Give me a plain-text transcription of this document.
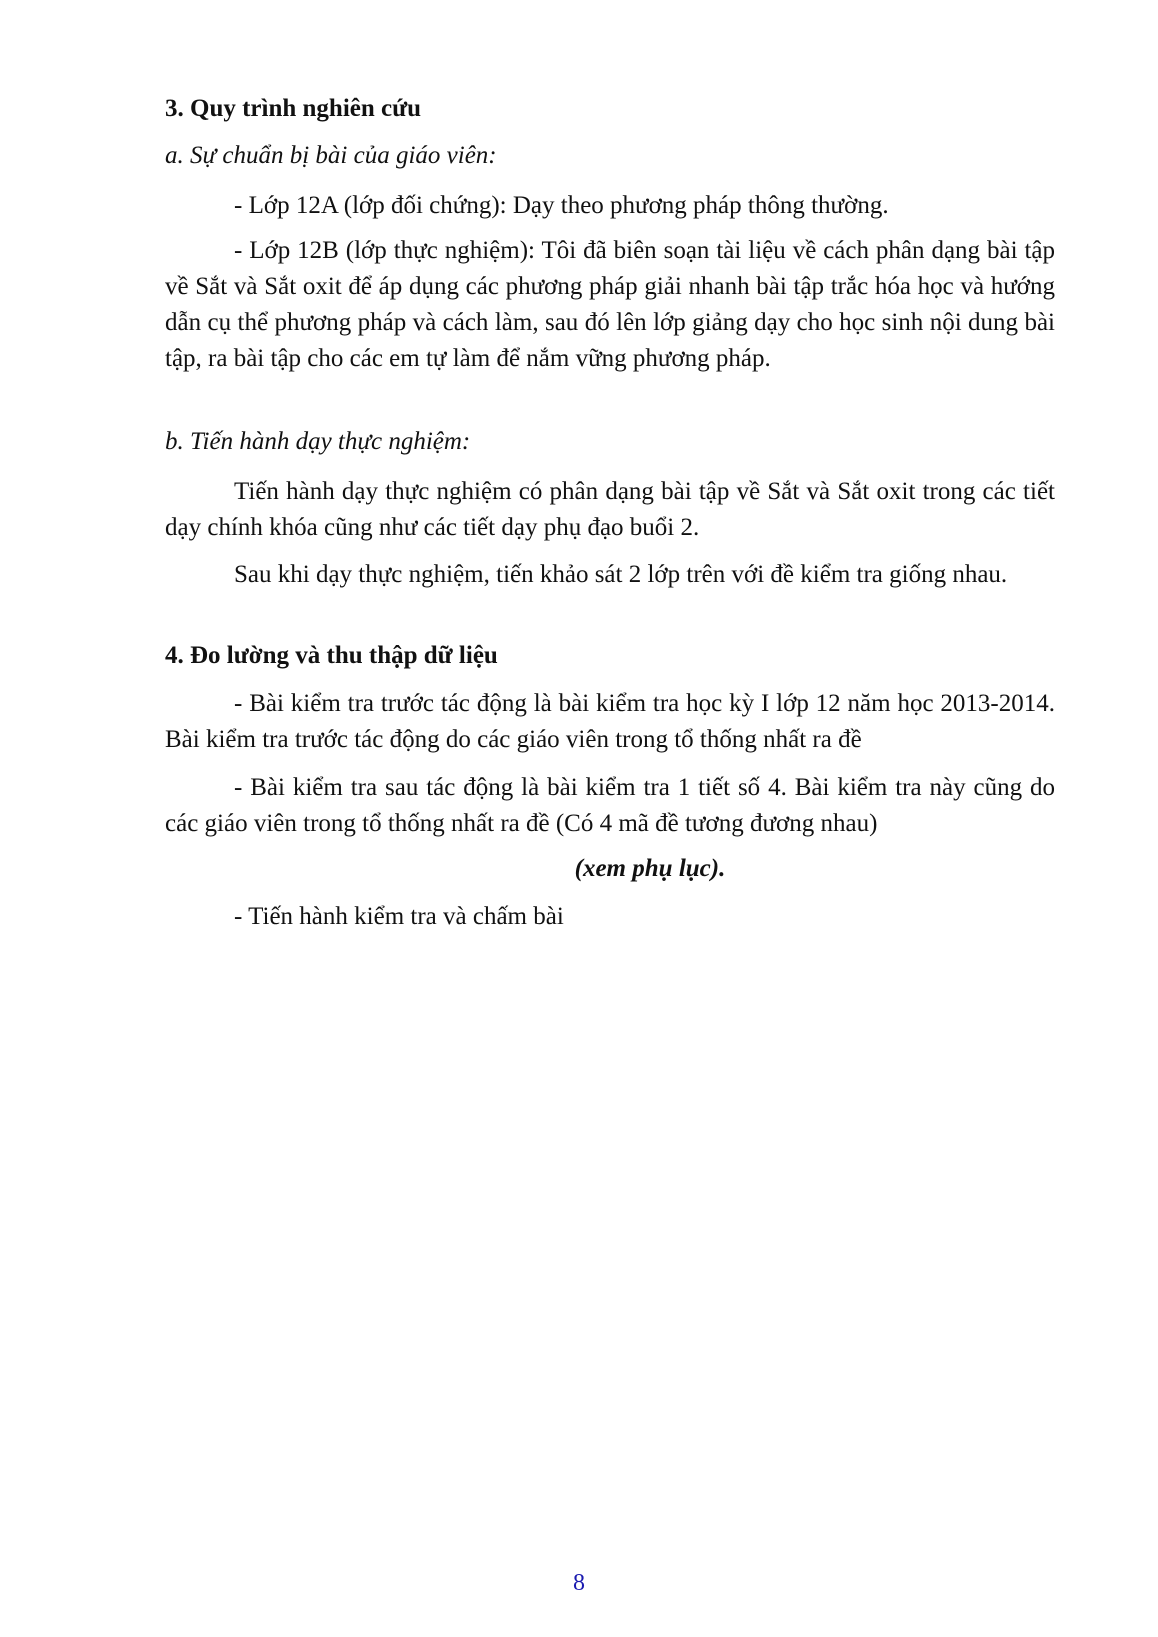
3. Quy trình nghiên cứu

a. Sự chuẩn bị bài của giáo viên:

- Lớp 12A (lớp đối chứng): Dạy theo phương pháp thông thường.

- Lớp 12B (lớp thực nghiệm): Tôi đã biên soạn tài liệu về cách phân dạng bài tập về Sắt và Sắt oxit để áp dụng các phương pháp giải nhanh bài tập trắc hóa học và hướng dẫn cụ thể phương pháp và cách làm, sau đó lên lớp giảng dạy cho học sinh nội dung bài tập, ra bài tập cho các em tự làm để nắm vững phương pháp.

b. Tiến hành dạy thực nghiệm:

Tiến hành dạy thực nghiệm có phân dạng bài tập về Sắt và Sắt oxit trong các tiết dạy chính khóa cũng như các tiết dạy phụ đạo buổi 2.

Sau khi dạy thực nghiệm, tiến khảo sát 2 lớp trên với đề kiểm tra giống nhau.

4. Đo lường và thu thập dữ liệu

- Bài kiểm tra trước tác động là bài kiểm tra học kỳ I lớp 12 năm học 2013-2014. Bài kiểm tra trước tác động do các giáo viên trong tổ thống nhất ra đề

- Bài kiểm tra sau tác động là bài kiểm tra 1 tiết số 4. Bài kiểm tra này cũng do các giáo viên trong tổ thống nhất ra đề (Có 4 mã đề tương đương nhau)

(xem phụ lục).

- Tiến hành kiểm tra và chấm bài

8
